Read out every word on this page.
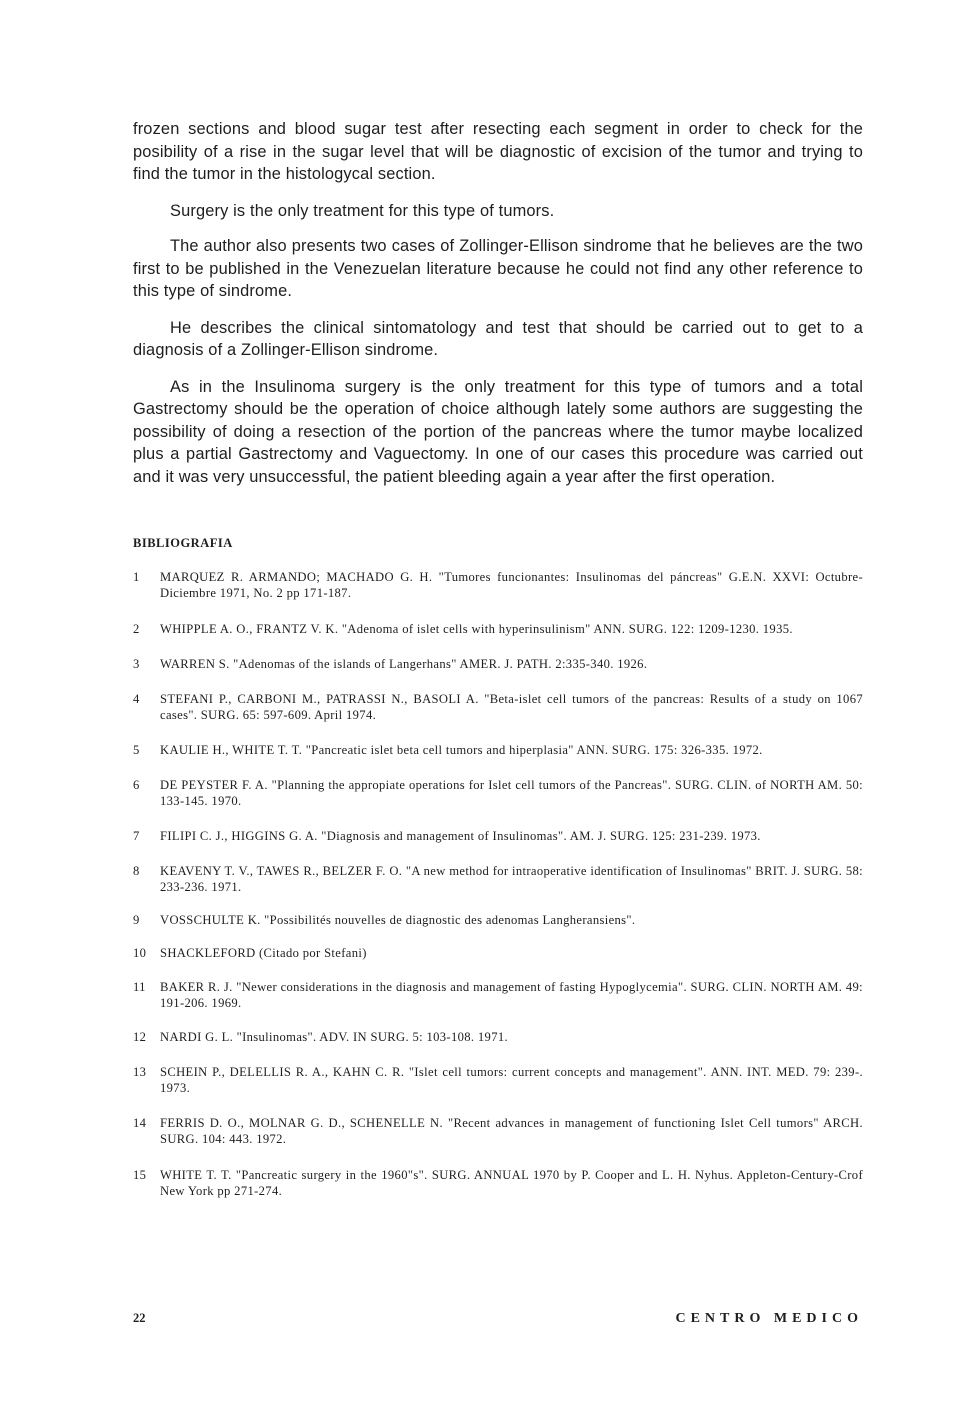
frozen sections and blood sugar test after resecting each segment in order to check for the posibility of a rise in the sugar level that will be diagnostic of excision of the tumor and trying to find the tumor in the histologycal section.

Surgery is the only treatment for this type of tumors.

The author also presents two cases of Zollinger-Ellison sindrome that he believes are the two first to be published in the Venezuelan literature because he could not find any other reference to this type of sindrome.

He describes the clinical sintomatology and test that should be carried out to get to a diagnosis of a Zollinger-Ellison sindrome.

As in the Insulinoma surgery is the only treatment for this type of tumors and a total Gastrectomy should be the operation of choice although lately some authors are suggesting the possibility of doing a resection of the portion of the pancreas where the tumor maybe localized plus a partial Gastrectomy and Vaguectomy. In one of our cases this procedure was carried out and it was very unsuccessful, the patient bleeding again a year after the first operation.

BIBLIOGRAFIA
1	MARQUEZ R. ARMANDO; MACHADO G. H. "Tumores funcionantes: Insulinomas del páncreas" G.E.N. XXVI: Octubre-Diciembre 1971, No. 2 pp 171-187.
2	WHIPPLE A. O., FRANTZ V. K. "Adenoma of islet cells with hyperinsulinism" ANN. SURG. 122: 1209-1230. 1935.
3	WARREN S. "Adenomas of the islands of Langerhans" AMER. J. PATH. 2:335-340. 1926.
4	STEFANI P., CARBONI M., PATRASSI N., BASOLI A. "Beta-islet cell tumors of the pancreas: Results of a study on 1067 cases". SURG. 65: 597-609. April 1974.
5	KAULIE H., WHITE T. T. "Pancreatic islet beta cell tumors and hiperplasia" ANN. SURG. 175: 326-335. 1972.
6	DE PEYSTER F. A. "Planning the appropiate operations for Islet cell tumors of the Pancreas". SURG. CLIN. of NORTH AM. 50: 133-145. 1970.
7	FILIPI C. J., HIGGINS G. A. "Diagnosis and management of Insulinomas". AM. J. SURG. 125: 231-239. 1973.
8	KEAVENY T. V., TAWES R., BELZER F. O. "A new method for intraoperative identification of Insulinomas" BRIT. J. SURG. 58: 233-236. 1971.
9	VOSSCHULTE K. "Possibilités nouvelles de diagnostic des adenomas Langheransiens".
10	SHACKLEFORD (Citado por Stefani)
11	BAKER R. J. "Newer considerations in the diagnosis and management of fasting Hypoglycemia". SURG. CLIN. NORTH AM. 49: 191-206. 1969.
12	NARDI G. L. "Insulinomas". ADV. IN SURG. 5: 103-108. 1971.
13	SCHEIN P., DELELLIS R. A., KAHN C. R. "Islet cell tumors: current concepts and management". ANN. INT. MED. 79: 239-. 1973.
14	FERRIS D. O., MOLNAR G. D., SCHENELLE N. "Recent advances in management of functioning Islet Cell tumors" ARCH. SURG. 104: 443. 1972.
15	WHITE T. T. "Pancreatic surgery in the 1960"s". SURG. ANNUAL 1970 by P. Cooper and L. H. Nyhus. Appleton-Century-Crof New York pp 271-274.
22	CENTRO MEDICO
